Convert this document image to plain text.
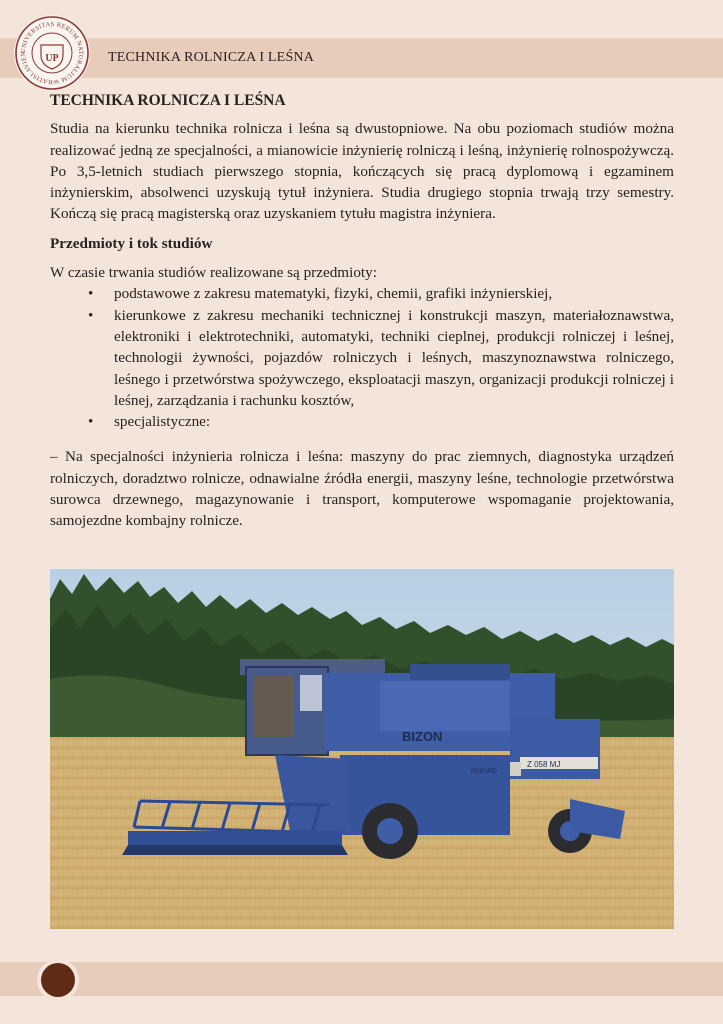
UNIVERSITAS RERUM NATURALIUM WRATISLAVIEN	UP	TECHNIKA ROLNICZA I LEŚNA
TECHNIKA ROLNICZA I LEŚNA

Studia na kierunku technika rolnicza i leśna są dwustopniowe. Na obu poziomach studiów można realizować jedną ze specjalności, a mianowicie inżynierię rolniczą i leśną, inżynierię rolnospożywczą. Po 3,5-letnich studiach pierwszego stopnia, kończących się pracą dyplomową i egzaminem inżynierskim, absolwenci uzyskują tytuł inżyniera. Studia drugiego stopnia trwają trzy semestry. Kończą się pracą magisterską oraz uzyskaniem tytułu magistra inżyniera.

Przedmioty i tok studiów

W czasie trwania studiów realizowane są przedmioty:

• podstawowe z zakresu matematyki, fizyki, chemii, grafiki inżynierskiej,
• kierunkowe z zakresu mechaniki technicznej i konstrukcji maszyn, materiałoznawstwa, elektroniki i elektrotechniki, automatyki, techniki cieplnej, produkcji rolniczej i leśnej, technologii żywności, pojazdów rolniczych i leśnych, maszynoznawstwa rolniczego, leśnego i przetwórstwa spożywczego, eksploatacji maszyn, organizacji produkcji rolniczej i leśnej, zarządzania i rachunku kosztów,
• specjalistyczne:

– Na specjalności inżynieria rolnicza i leśna: maszyny do prac ziemnych, diagnostyka urządzeń rolniczych, doradztwo rolnicze, odnawialne źródła energii, maszyny leśne, technologie przetwórstwa surowca drzewnego, magazynowanie i transport, komputerowe wspomaganie projektowania, samojezdne kombajny rolnicze.

BIZON
Z 058 MJ
REKORD
